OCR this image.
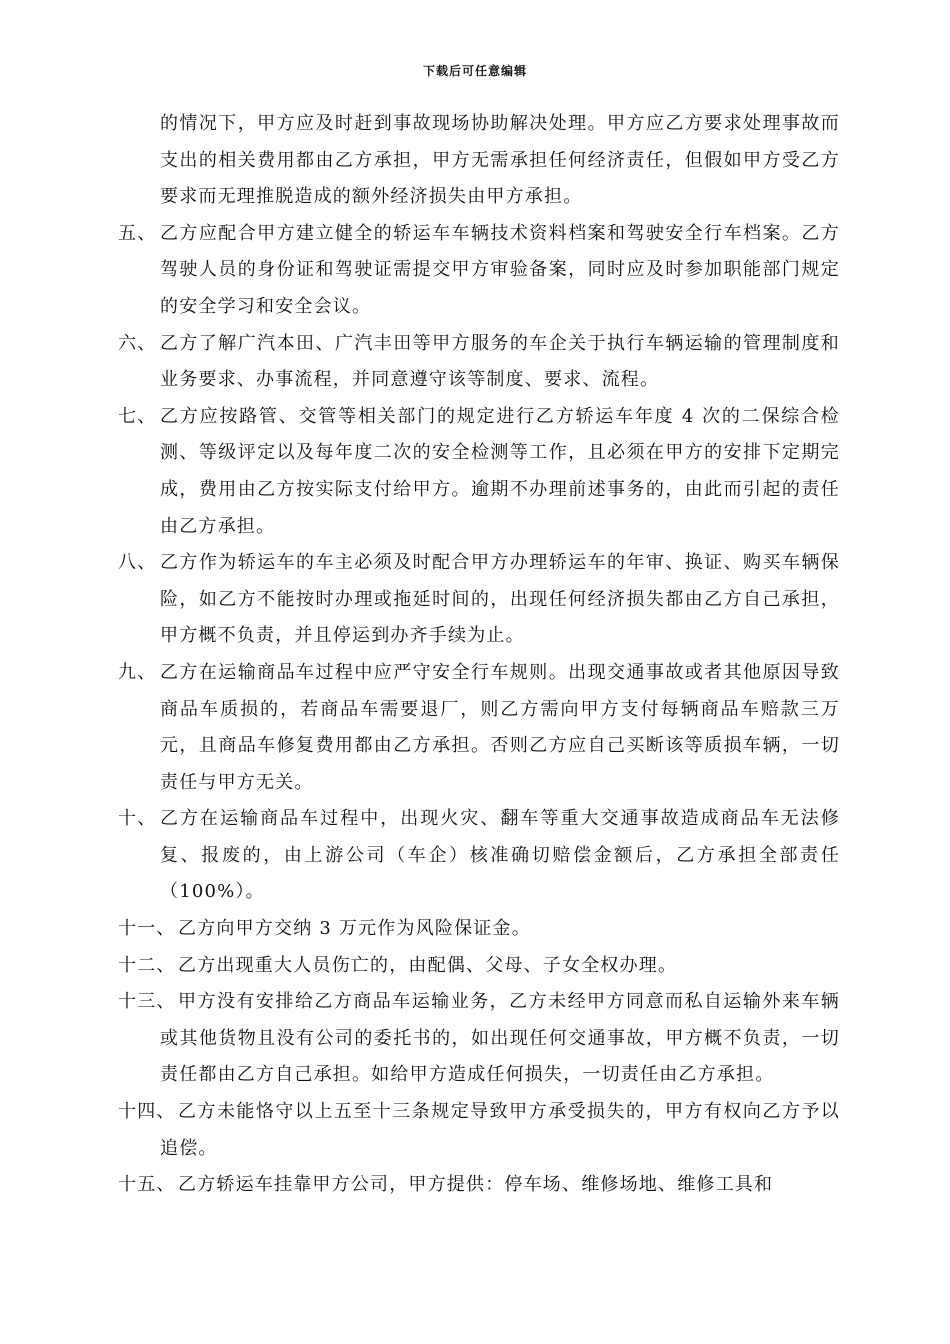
下载后可任意编辑
的情况下，甲方应及时赶到事故现场协助解决处理。甲方应乙方要求处理事故而支出的相关费用都由乙方承担，甲方无需承担任何经济责任，但假如甲方受乙方要求而无理推脱造成的额外经济损失由甲方承担。
五、 乙方应配合甲方建立健全的轿运车车辆技术资料档案和驾驶安全行车档案。乙方驾驶人员的身份证和驾驶证需提交甲方审验备案，同时应及时参加职能部门规定的安全学习和安全会议。
六、 乙方了解广汽本田、广汽丰田等甲方服务的车企关于执行车辆运输的管理制度和业务要求、办事流程，并同意遵守该等制度、要求、流程。
七、 乙方应按路管、交管等相关部门的规定进行乙方轿运车年度 4 次的二保综合检测、等级评定以及每年度二次的安全检测等工作，且必须在甲方的安排下定期完成，费用由乙方按实际支付给甲方。逾期不办理前述事务的，由此而引起的责任由乙方承担。
八、 乙方作为轿运车的车主必须及时配合甲方办理轿运车的年审、换证、购买车辆保险，如乙方不能按时办理或拖延时间的，出现任何经济损失都由乙方自己承担，甲方概不负责，并且停运到办齐手续为止。
九、 乙方在运输商品车过程中应严守安全行车规则。出现交通事故或者其他原因导致商品车质损的，若商品车需要退厂，则乙方需向甲方支付每辆商品车赔款三万元，且商品车修复费用都由乙方承担。否则乙方应自己买断该等质损车辆，一切责任与甲方无关。
十、 乙方在运输商品车过程中，出现火灾、翻车等重大交通事故造成商品车无法修复、报废的，由上游公司（车企）核准确切赔偿金额后，乙方承担全部责任（100%）。
十一、 乙方向甲方交纳 3 万元作为风险保证金。
十二、 乙方出现重大人员伤亡的，由配偶、父母、子女全权办理。
十三、 甲方没有安排给乙方商品车运输业务，乙方未经甲方同意而私自运输外来车辆或其他货物且没有公司的委托书的，如出现任何交通事故，甲方概不负责，一切责任都由乙方自己承担。如给甲方造成任何损失，一切责任由乙方承担。
十四、 乙方未能恪守以上五至十三条规定导致甲方承受损失的，甲方有权向乙方予以追偿。
十五、 乙方轿运车挂靠甲方公司，甲方提供：停车场、维修场地、维修工具和
